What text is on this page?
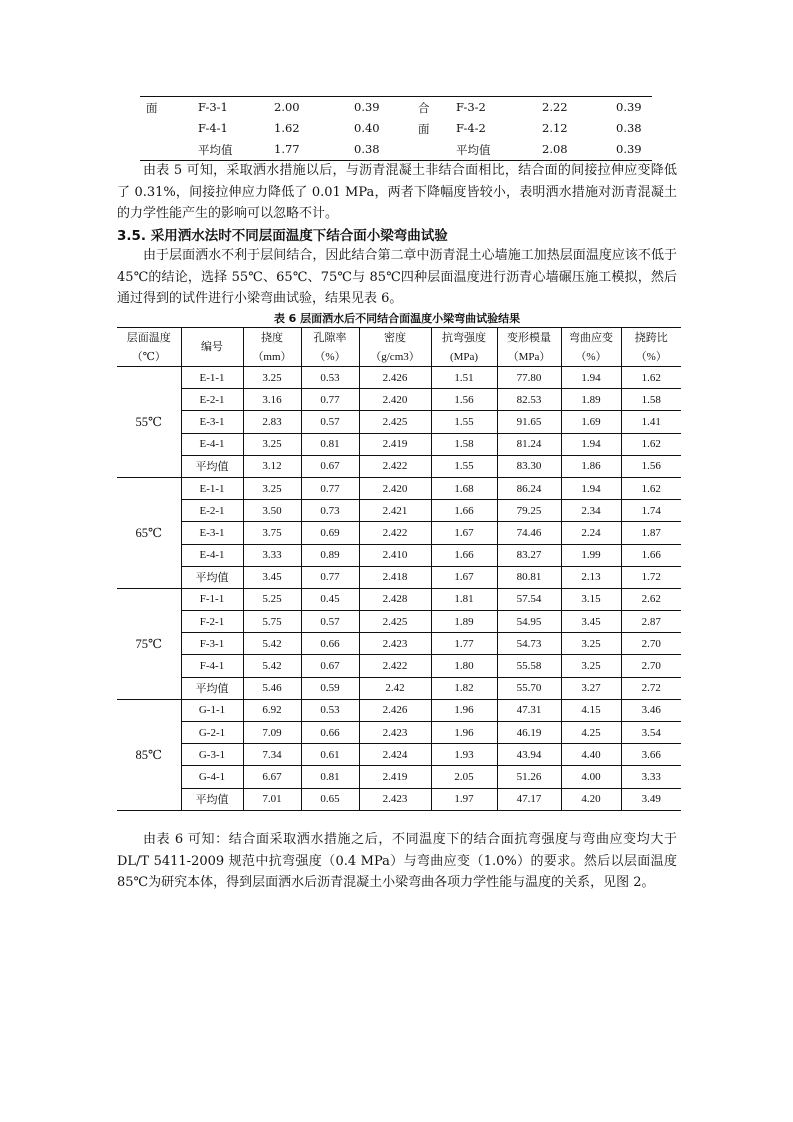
面	F-3-1	2.00	0.39	合 F-3-2	2.22	0.39
F-4-1	1.62	0.40	面 F-4-2	2.12	0.38
平均值	1.77	0.38	平均值	2.08	0.39

由表 5 可知，采取洒水措施以后，与沥青混凝土非结合面相比，结合面的间接拉伸应变降低了 0.31%，间接拉伸应力降低了 0.01 MPa，两者下降幅度皆较小，表明洒水措施对沥青混凝土的力学性能产生的影响可以忽略不计。

3.5. 采用洒水法时不同层面温度下结合面小梁弯曲试验

由于层面洒水不利于层间结合，因此结合第二章中沥青混土心墙施工加热层面温度应该不低于 45℃的结论，选择 55℃、65℃、75℃与 85℃四种层面温度进行沥青心墙碾压施工模拟，然后通过得到的试件进行小梁弯曲试验，结果见表 6。

表 6 层面洒水后不同结合面温度小梁弯曲试验结果
层面温度	编号	挠度	孔隙率	密度	抗弯强度	变形模量	弯曲应变	挠跨比
（℃）		（mm）	（%）	（g/cm3）	(MPa)	（MPa）	（%）	（%）
55℃	E-1-1	3.25	0.53	2.426	1.51	77.80	1.94	1.62
	E-2-1	3.16	0.77	2.420	1.56	82.53	1.89	1.58
	E-3-1	2.83	0.57	2.425	1.55	91.65	1.69	1.41
	E-4-1	3.25	0.81	2.419	1.58	81.24	1.94	1.62
	平均值	3.12	0.67	2.422	1.55	83.30	1.86	1.56
65℃	E-1-1	3.25	0.77	2.420	1.68	86.24	1.94	1.62
	E-2-1	3.50	0.73	2.421	1.66	79.25	2.34	1.74
	E-3-1	3.75	0.69	2.422	1.67	74.46	2.24	1.87
	E-4-1	3.33	0.89	2.410	1.66	83.27	1.99	1.66
	平均值	3.45	0.77	2.418	1.67	80.81	2.13	1.72
75℃	F-1-1	5.25	0.45	2.428	1.81	57.54	3.15	2.62
	F-2-1	5.75	0.57	2.425	1.89	54.95	3.45	2.87
	F-3-1	5.42	0.66	2.423	1.77	54.73	3.25	2.70
	F-4-1	5.42	0.67	2.422	1.80	55.58	3.25	2.70
	平均值	5.46	0.59	2.42	1.82	55.70	3.27	2.72
85℃	G-1-1	6.92	0.53	2.426	1.96	47.31	4.15	3.46
	G-2-1	7.09	0.66	2.423	1.96	46.19	4.25	3.54
	G-3-1	7.34	0.61	2.424	1.93	43.94	4.40	3.66
	G-4-1	6.67	0.81	2.419	2.05	51.26	4.00	3.33
	平均值	7.01	0.65	2.423	1.97	47.17	4.20	3.49

由表 6 可知：结合面采取洒水措施之后，不同温度下的结合面抗弯强度与弯曲应变均大于 DL/T 5411-2009 规范中抗弯强度（0.4 MPa）与弯曲应变（1.0%）的要求。然后以层面温度 85℃为研究本体，得到层面洒水后沥青混凝土小梁弯曲各项力学性能与温度的关系，见图 2。
